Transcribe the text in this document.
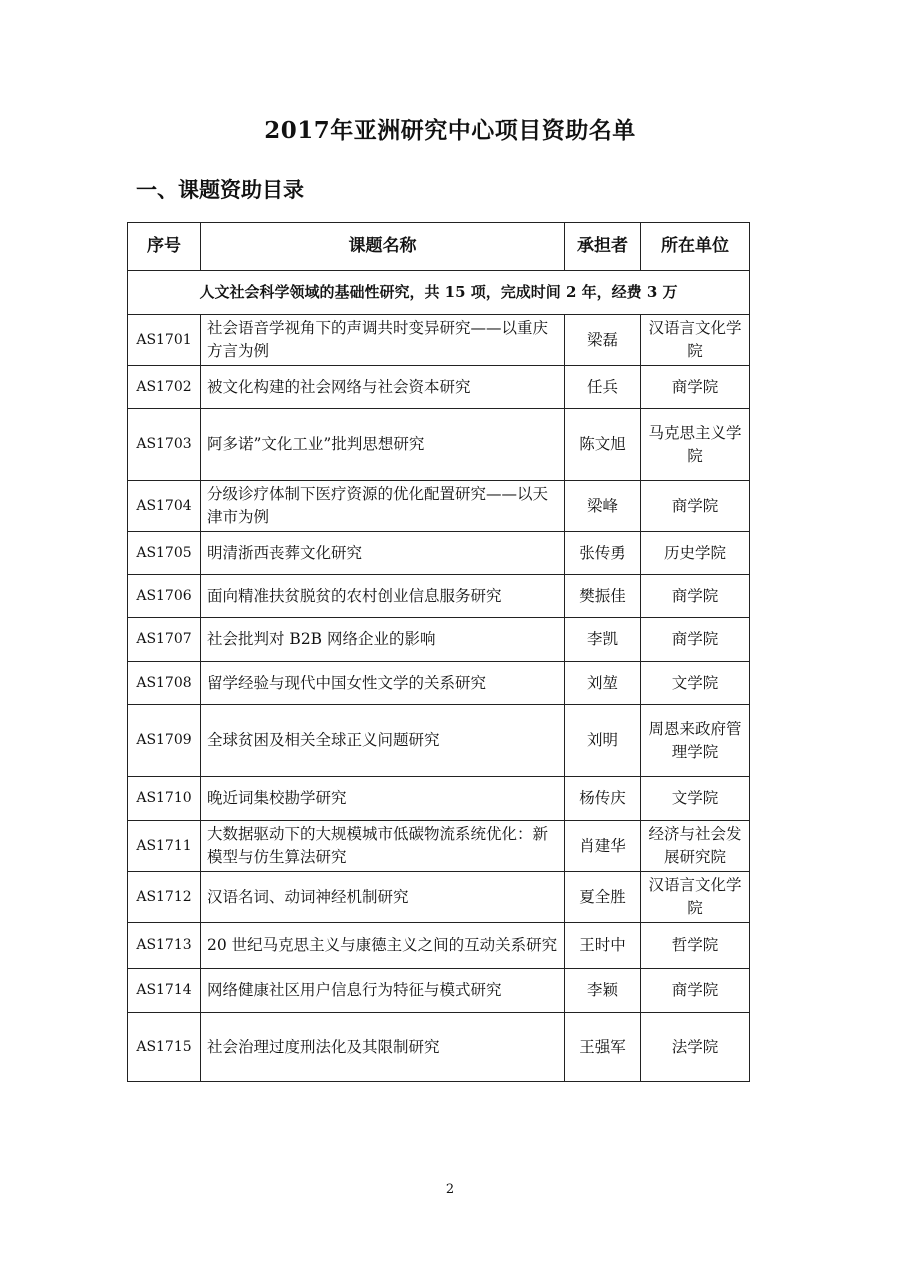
2017年亚洲研究中心项目资助名单
一、课题资助目录
序号	课题名称	承担者	所在单位
人文社会科学领域的基础性研究，共 15 项，完成时间 2 年，经费 3 万			
AS1701	社会语音学视角下的声调共时变异研究——以重庆方言为例	梁磊	汉语言文化学院
AS1702	被文化构建的社会网络与社会资本研究	任兵	商学院
AS1703	阿多诺”文化工业”批判思想研究	陈文旭	马克思主义学院
AS1704	分级诊疗体制下医疗资源的优化配置研究——以天津市为例	梁峰	商学院
AS1705	明清浙西丧葬文化研究	张传勇	历史学院
AS1706	面向精准扶贫脱贫的农村创业信息服务研究	樊振佳	商学院
AS1707	社会批判对 B2B 网络企业的影响	李凯	商学院
AS1708	留学经验与现代中国女性文学的关系研究	刘堃	文学院
AS1709	全球贫困及相关全球正义问题研究	刘明	周恩来政府管理学院
AS1710	晚近词集校勘学研究	杨传庆	文学院
AS1711	大数据驱动下的大规模城市低碳物流系统优化：新模型与仿生算法研究	肖建华	经济与社会发展研究院
AS1712	汉语名词、动词神经机制研究	夏全胜	汉语言文化学院
AS1713	20 世纪马克思主义与康德主义之间的互动关系研究	王时中	哲学院
AS1714	网络健康社区用户信息行为特征与模式研究	李颖	商学院
AS1715	社会治理过度刑法化及其限制研究	王强军	法学院
2
